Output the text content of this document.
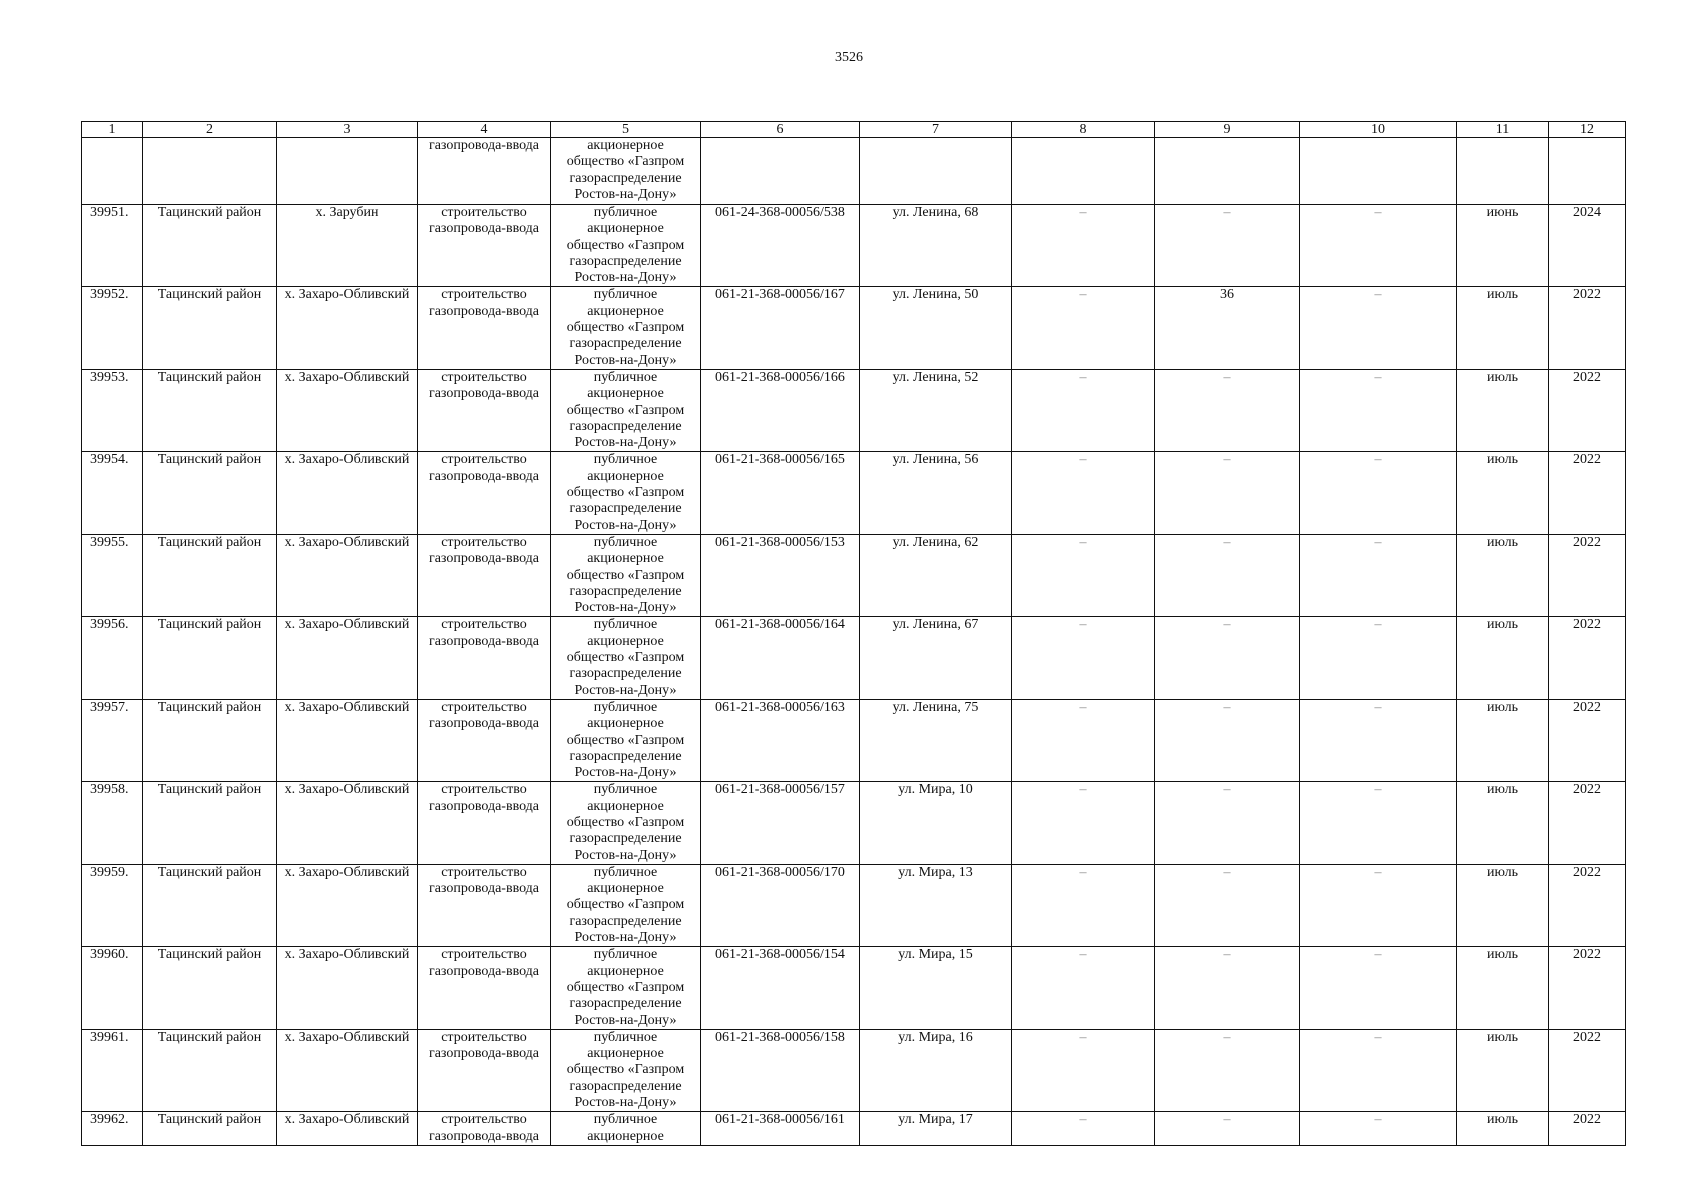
3526
1	2	3	4	5	6	7	8	9	10	11	12
			газопровода-ввода	акционерное
общество «Газпром
газораспределение
Ростов-на-Дону»							
39951.	Тацинский район	х. Зарубин	строительство
газопровода-ввода	публичное
акционерное
общество «Газпром
газораспределение
Ростов-на-Дону»	061-24-368-00056/538	ул. Ленина, 68	–	–	–	июнь	2024
39952.	Тацинский район	х. Захаро-Обливский	строительство
газопровода-ввода	публичное
акционерное
общество «Газпром
газораспределение
Ростов-на-Дону»	061-21-368-00056/167	ул. Ленина, 50	–	36	–	июль	2022
39953.	Тацинский район	х. Захаро-Обливский	строительство
газопровода-ввода	публичное
акционерное
общество «Газпром
газораспределение
Ростов-на-Дону»	061-21-368-00056/166	ул. Ленина, 52	–	–	–	июль	2022
39954.	Тацинский район	х. Захаро-Обливский	строительство
газопровода-ввода	публичное
акционерное
общество «Газпром
газораспределение
Ростов-на-Дону»	061-21-368-00056/165	ул. Ленина, 56	–	–	–	июль	2022
39955.	Тацинский район	х. Захаро-Обливский	строительство
газопровода-ввода	публичное
акционерное
общество «Газпром
газораспределение
Ростов-на-Дону»	061-21-368-00056/153	ул. Ленина, 62	–	–	–	июль	2022
39956.	Тацинский район	х. Захаро-Обливский	строительство
газопровода-ввода	публичное
акционерное
общество «Газпром
газораспределение
Ростов-на-Дону»	061-21-368-00056/164	ул. Ленина, 67	–	–	–	июль	2022
39957.	Тацинский район	х. Захаро-Обливский	строительство
газопровода-ввода	публичное
акционерное
общество «Газпром
газораспределение
Ростов-на-Дону»	061-21-368-00056/163	ул. Ленина, 75	–	–	–	июль	2022
39958.	Тацинский район	х. Захаро-Обливский	строительство
газопровода-ввода	публичное
акционерное
общество «Газпром
газораспределение
Ростов-на-Дону»	061-21-368-00056/157	ул. Мира, 10	–	–	–	июль	2022
39959.	Тацинский район	х. Захаро-Обливский	строительство
газопровода-ввода	публичное
акционерное
общество «Газпром
газораспределение
Ростов-на-Дону»	061-21-368-00056/170	ул. Мира, 13	–	–	–	июль	2022
39960.	Тацинский район	х. Захаро-Обливский	строительство
газопровода-ввода	публичное
акционерное
общество «Газпром
газораспределение
Ростов-на-Дону»	061-21-368-00056/154	ул. Мира, 15	–	–	–	июль	2022
39961.	Тацинский район	х. Захаро-Обливский	строительство
газопровода-ввода	публичное
акционерное
общество «Газпром
газораспределение
Ростов-на-Дону»	061-21-368-00056/158	ул. Мира, 16	–	–	–	июль	2022
39962.	Тацинский район	х. Захаро-Обливский	строительство
газопровода-ввода	публичное
акционерное	061-21-368-00056/161	ул. Мира, 17	–	–	–	июль	2022
